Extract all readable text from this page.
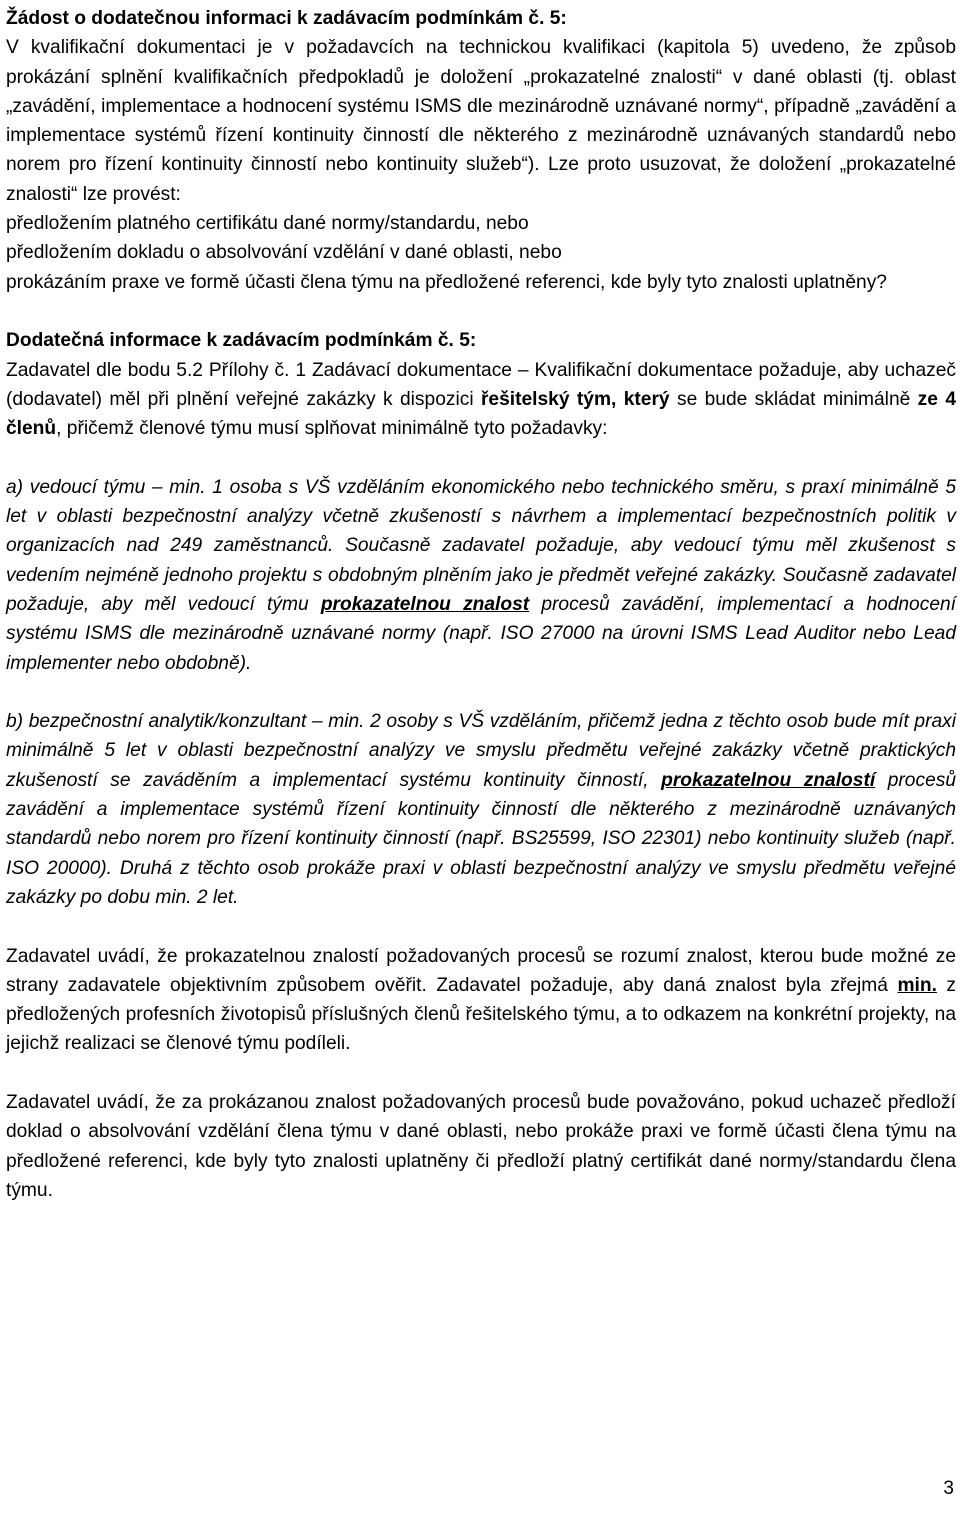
Žádost o dodatečnou informaci k zadávacím podmínkám č. 5:
V kvalifikační dokumentaci je v požadavcích na technickou kvalifikaci (kapitola 5) uvedeno, že způsob prokázání splnění kvalifikačních předpokladů je doložení „prokazatelné znalosti“ v dané oblasti (tj. oblast „zavádění, implementace a hodnocení systému ISMS dle mezinárodně uznávané normy“, případně „zavádění a implementace systémů řízení kontinuity činností dle některého z mezinárodně uznávaných standardů nebo norem pro řízení kontinuity činností nebo kontinuity služeb“). Lze proto usuzovat, že doložení „prokazatelné znalosti“ lze provést:
předložením platného certifikátu dané normy/standardu, nebo
předložením dokladu o absolvování vzdělání v dané oblasti, nebo
prokázáním praxe ve formě účasti člena týmu na předložené referenci, kde byly tyto znalosti uplatněny?
Dodatečná informace k zadávacím podmínkám č. 5:
Zadavatel dle bodu 5.2 Přílohy č. 1 Zadávací dokumentace – Kvalifikační dokumentace požaduje, aby uchazeč (dodavatel) měl při plnění veřejné zakázky k dispozici řešitelský tým, který se bude skládat minimálně ze 4 členů, přičemž členové týmu musí splňovat minimálně tyto požadavky:
a) vedoucí týmu – min. 1 osoba s VŠ vzděláním ekonomického nebo technického směru, s praxí minimálně 5 let v oblasti bezpečnostní analýzy včetně zkušeností s návrhem a implementací bezpečnostních politik v organizacích nad 249 zaměstnanců. Současně zadavatel požaduje, aby vedoucí týmu měl zkušenost s vedením nejméně jednoho projektu s obdobným plněním jako je předmět veřejné zakázky. Současně zadavatel požaduje, aby měl vedoucí týmu prokazatelnou znalost procesů zavádění, implementací a hodnocení systému ISMS dle mezinárodně uznávané normy (např. ISO 27000 na úrovni ISMS Lead Auditor nebo Lead implementer nebo obdobně).
b) bezpečnostní analytik/konzultant – min. 2 osoby s VŠ vzděláním, přičemž jedna z těchto osob bude mít praxi minimálně 5 let v oblasti bezpečnostní analýzy ve smyslu předmětu veřejné zakázky včetně praktických zkušeností se zaváděním a implementací systému kontinuity činností, prokazatelnou znalostí procesů zavádění a implementace systémů řízení kontinuity činností dle některého z mezinárodně uznávaných standardů nebo norem pro řízení kontinuity činností (např. BS25599, ISO 22301) nebo kontinuity služeb (např. ISO 20000). Druhá z těchto osob prokáže praxi v oblasti bezpečnostní analýzy ve smyslu předmětu veřejné zakázky po dobu min. 2 let.
Zadavatel uvádí, že prokazatelnou znalostí požadovaných procesů se rozumí znalost, kterou bude možné ze strany zadavatele objektivním způsobem ověřit. Zadavatel požaduje, aby daná znalost byla zřejmá min. z předložených profesních životopisů příslušných členů řešitelského týmu, a to odkazem na konkrétní projekty, na jejichž realizaci se členové týmu podíleli.
Zadavatel uvádí, že za prokázanou znalost požadovaných procesů bude považováno, pokud uchazeč předloží doklad o absolvování vzdělání člena týmu v dané oblasti, nebo prokáže praxi ve formě účasti člena týmu na předložené referenci, kde byly tyto znalosti uplatněny či předloží platný certifikát dané normy/standardu člena týmu.
3
